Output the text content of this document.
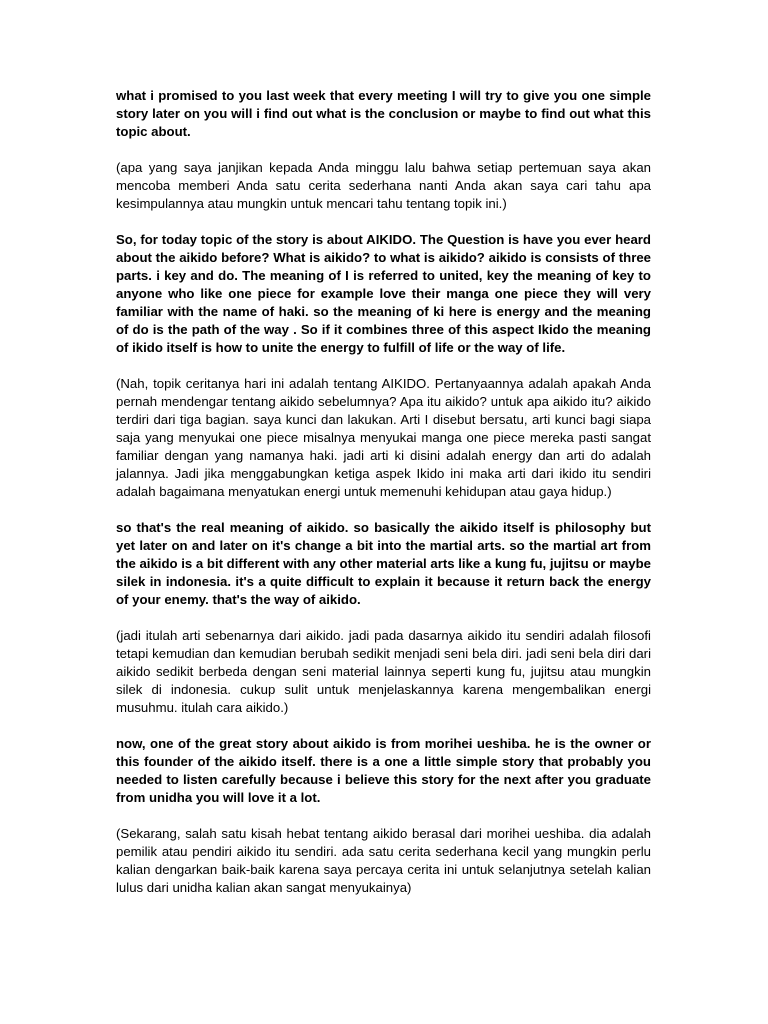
what i promised to you last week that every meeting I will try to give you one simple story later on you will i find out what is the conclusion or maybe to find out what this topic about.

(apa yang saya janjikan kepada Anda minggu lalu bahwa setiap pertemuan saya akan mencoba memberi Anda satu cerita sederhana nanti Anda akan saya cari tahu apa kesimpulannya atau mungkin untuk mencari tahu tentang topik ini.)

So, for today topic of the story is about AIKIDO. The Question is have you ever heard about the aikido before? What is aikido? to what is aikido? aikido is consists of three parts. i key and do. The meaning of I is referred to united, key the meaning of key to anyone who like one piece for example love their manga one piece they will very familiar with the name of haki. so the meaning of ki here is energy and the meaning of do is the path of the way . So if it combines three of this aspect Ikido the meaning of ikido itself is how to unite the energy to fulfill of life or the way of life.

(Nah, topik ceritanya hari ini adalah tentang AIKIDO. Pertanyaannya adalah apakah Anda pernah mendengar tentang aikido sebelumnya? Apa itu aikido? untuk apa aikido itu? aikido terdiri dari tiga bagian. saya kunci dan lakukan. Arti I disebut bersatu, arti kunci bagi siapa saja yang menyukai one piece misalnya menyukai manga one piece mereka pasti sangat familiar dengan yang namanya haki. jadi arti ki disini adalah energy dan arti do adalah jalannya. Jadi jika menggabungkan ketiga aspek Ikido ini maka arti dari ikido itu sendiri adalah bagaimana menyatukan energi untuk memenuhi kehidupan atau gaya hidup.)

so that's the real meaning of aikido. so basically the aikido itself is philosophy but yet later on and later on it's change a bit into the martial arts. so the martial art from the aikido is a bit different with any other material arts like a kung fu, jujitsu or maybe silek in indonesia. it's a quite difficult to explain it because it return back the energy of your enemy. that's the way of aikido.

(jadi itulah arti sebenarnya dari aikido. jadi pada dasarnya aikido itu sendiri adalah filosofi tetapi kemudian dan kemudian berubah sedikit menjadi seni bela diri. jadi seni bela diri dari aikido sedikit berbeda dengan seni material lainnya seperti kung fu, jujitsu atau mungkin silek di indonesia. cukup sulit untuk menjelaskannya karena mengembalikan energi musuhmu. itulah cara aikido.)

now, one of the great story about aikido is from morihei ueshiba. he is the owner or this founder of the aikido itself. there is a one a little simple story that probably you needed to listen carefully because i believe this story for the next after you graduate from unidha you will love it a lot.

(Sekarang, salah satu kisah hebat tentang aikido berasal dari morihei ueshiba. dia adalah pemilik atau pendiri aikido itu sendiri. ada satu cerita sederhana kecil yang mungkin perlu kalian dengarkan baik-baik karena saya percaya cerita ini untuk selanjutnya setelah kalian lulus dari unidha kalian akan sangat menyukainya)
